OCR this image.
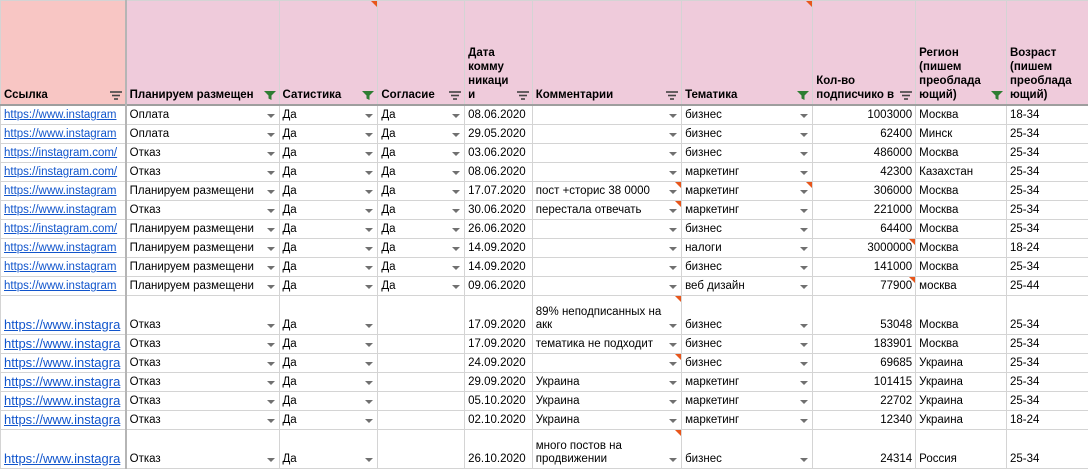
Ссылка	Планируем размещен	Сатистика	Согласие	Дата комму никаци и	Комментарии	Тематика	Кол-во подписчико в	Регион (пишем преоблада ющий)	Возраст (пишем преоблада ющий)

https://www.instagram	Оплата	Да	Да	08.06.2020		бизнес	1003000	Москва	18-34
https://www.instagram	Оплата	Да	Да	29.05.2020		бизнес	62400	Минск	25-34
https://instagram.com/	Отказ	Да	Да	03.06.2020		бизнес	486000	Москва	25-34
https://instagram.com/	Отказ	Да	Да	08.06.2020		маркетинг	42300	Казахстан	25-34
https://www.instagram	Планируем размещени	Да	Да	17.07.2020	пост +сторис 38 0000	маркетинг	306000	Москва	25-34
https://www.instagram	Отказ	Да	Да	30.06.2020	перестала отвечать	маркетинг	221000	Москва	25-34
https://instagram.com/	Планируем размещени	Да	Да	26.06.2020		бизнес	64400	Москва	25-34
https://www.instagram	Планируем размещени	Да	Да	14.09.2020		налоги	3000000	Москва	18-24
https://www.instagram	Планируем размещени	Да	Да	14.09.2020		бизнес	141000	Москва	25-34
https://www.instagram	Планируем размещени	Да	Да	09.06.2020		веб дизайн	77900	москва	25-44
https://www.instagra	Отказ	Да		17.09.2020	89% неподписанных на акк	бизнес	53048	Москва	25-34
https://www.instagra	Отказ	Да		17.09.2020	тематика не подходит	бизнес	183901	Москва	25-34
https://www.instagra	Отказ	Да		24.09.2020		бизнес	69685	Украина	25-34
https://www.instagra	Отказ	Да		29.09.2020	Украина	маркетинг	101415	Украина	25-34
https://www.instagra	Отказ	Да		05.10.2020	Украина	маркетинг	22702	Украина	25-34
https://www.instagra	Отказ	Да		02.10.2020	Украина	маркетинг	12340	Украина	18-24
https://www.instagra	Отказ	Да		26.10.2020	много постов на продвижении	бизнес	24314	Россия	25-34
